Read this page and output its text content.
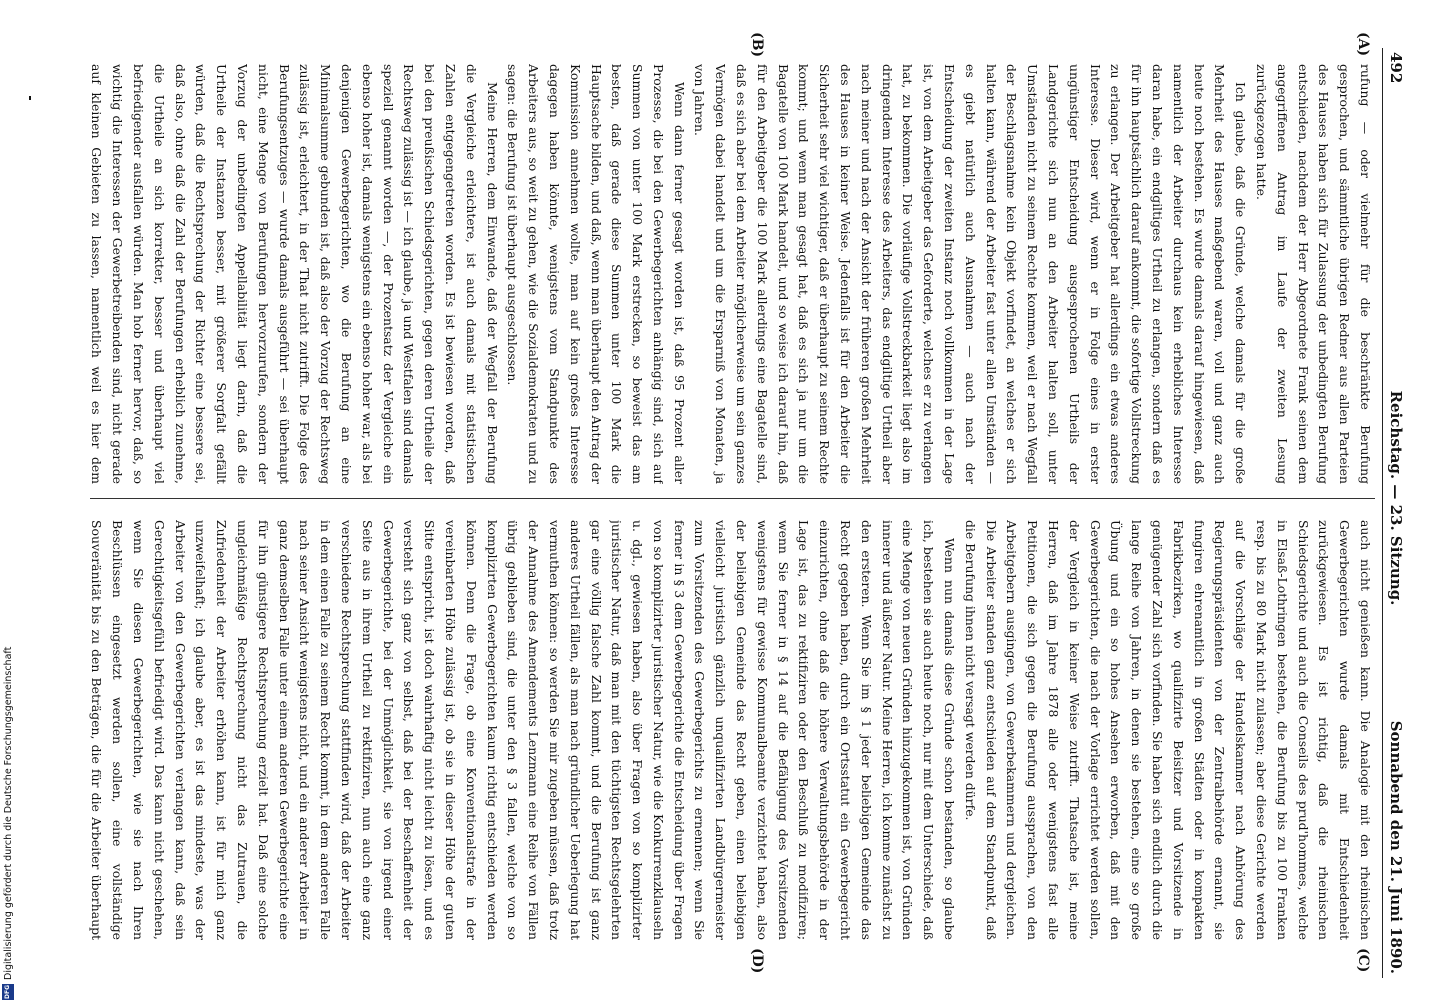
492
Reichstag. — 23. Sitzung.
Sonnabend den 21. Juni 1890.
(A)
(B)
(C)
(D)

rufung — oder vielmehr für die beschränkte Berufung gesprochen, und sämmtliche übrigen Redner aus allen Parteien des Hauses haben sich für Zulassung der unbedingten Berufung entschieden, nachdem der Herr Abgeordnete Frank seinen dem angegriffenen Antrag im Laufe der zweiten Lesung zurückgezogen hatte.

Ich glaube, daß die Gründe, welche damals für die große Mehrheit des Hauses maßgebend waren, voll und ganz auch heute noch bestehen. Es wurde damals darauf hingewiesen, daß namentlich der Arbeiter durchaus kein erhebliches Interesse daran habe, ein endgiltiges Urtheil zu erlangen, sondern daß es für ihn hauptsächlich darauf ankommt, die sofortige Vollstreckung zu erlangen. Der Arbeitgeber hat allerdings ein etwas anderes Interesse. Dieser wird, wenn er in Folge eines in erster ungünstiger Entscheidung ausgesprochenen Urtheils der Landgerichte sich nun an den Arbeiter halten soll, unter Umständen nicht zu seinem Rechte kommen, weil er nach Wegfall der Beschlagsnahme kein Objekt vorfindet, an welches er sich halten kann, während der Arbeiter fast unter allen Umständen — es giebt natürlich auch Ausnahmen — auch nach der Entscheidung der zweiten Instanz noch vollkommen in der Lage ist, von dem Arbeitgeber das Geforderte, welches er zu verlangen hat, zu bekommen. Die vorläufige Vollstreckbarkeit liegt also im dringendem Interesse des Arbeiters, das endgiltige Urtheil aber nach meiner und nach der Ansicht der früheren großen Mehrheit des Hauses in keiner Weise. Jedenfalls ist für den Arbeiter die Sicherheit sehr viel wichtiger, daß er überhaupt zu seinem Rechte kommt; und wenn man gesagt hat, daß es sich ja nur um die Bagatelle von 100 Mark handelt, und so weise ich darauf hin, daß für den Arbeitgeber die 100 Mark allerdings eine Bagatelle sind, daß es sich aber bei dem Arbeiter möglicherweise um sein ganzes Vermögen dabei handelt und um die Ersparniß von Monaten, ja von Jahren.

Wenn dann ferner gesagt worden ist, daß 95 Prozent aller Prozesse, die bei den Gewerbegerichten anhängig sind, sich auf Summen von unter 100 Mark erstrecken, so beweist das am besten, daß gerade diese Summen unter 100 Mark die Hauptsache bilden, und daß, wenn man überhaupt den Antrag der Kommission annehmen wollte, man auf kein großes Interesse dagegen haben könnte, wenigstens vom Standpunkte des Arbeiters aus, so weit zu gehen, wie die Sozialdemokraten und zu sagen: die Berufung ist überhaupt ausgeschlossen.

Meine Herren, dem Einwande, daß der Wegfall der Berufung die Vergleiche erleichtere, ist auch damals mit statistischen Zahlen entgegengetreten worden. Es ist bewiesen worden, daß bei den preußischen Schiedsgerichten, gegen deren Urtheile der Rechtsweg zulässig ist — ich glaube, ja und Westfalen sind damals speziell genannt worden —, der Prozentsatz der Vergleiche ein ebenso hoher ist, damals wenigstens ein ebenso hoher war, als bei denjenigen Gewerbegerichten, wo die Berufung an eine Minimalsumme gebunden ist, daß also der Vorzug der Rechtsweg zulässig ist, erleichtert, in der That nicht zutrifft. Die Folge des Berufungsentzuges — wurde damals ausgeführt — sei überhaupt nicht, eine Menge von Berufungen hervorzurufen, sondern der Vorzug der unbedingten Appellabilität liegt darin, daß die Urtheile der Instanzen besser, mit größerer Sorgfalt gefällt würden, daß die Rechtsprechung der Richter eine bessere sei, daß also, ohne daß die Zahl der Berufungen erheblich zunehme, die Urtheile an sich korrekter, besser und überhaupt viel befriedigender ausfallen würden. Man hob ferner hervor, daß, so wichtig die Interessen der Gewerbetreibenden sind, nicht gerade auf kleinen Gebieten zu lassen, namentlich weil es hier dem

auch nicht genießen kann. Die Analogie mit den rheinischen Gewerbegerichten wurde damals mit Entschiedenheit zurückgewiesen. Es ist richtig, daß die rheinischen Schiedsgerichte und auch die Conseils des prud'hommes, welche in Elsaß-Lothringen bestehen, die Berufung bis zu 100 Franken resp. bis zu 80 Mark nicht zulassen; aber diese Gerichte werden auf die Vorschläge der Handelskammer nach Anhörung des Regierungspräsidenten von der Zentralbehörde ernannt, sie fungiren ehrenamtlich in großen Städten oder in kompakten Fabrikbezirken, wo qualifizirte Beisitzer und Vorsitzende in genügender Zahl sich vorfinden. Sie haben sich endlich durch die lange Reihe von Jahren, in denen sie bestehen, eine so große Übung und ein so hohes Ansehen erworben, daß mit den Gewerbegerichten, die nach der Vorlage errichtet werden sollen, der Vergleich in keiner Weise zutrifft. Thatsache ist, meine Herren, daß im Jahre 1878 alle oder wenigstens fast alle Petitionen, die sich gegen die Berufung aussprachen, von den Arbeitgebern ausgingen, von Gewerbekammern und dergleichen. Die Arbeiter standen ganz entschieden auf dem Standpunkt, daß die Berufung ihnen nicht versagt werden dürfe.

Wenn nun damals diese Gründe schon bestanden, so glaube ich, bestehen sie auch heute noch, nur mit dem Unterschiede, daß eine Menge von neuen Gründen hinzugekommen ist, von Gründen innerer und äußerer Natur. Meine Herren, ich komme zunächst zu den ersteren. Wenn Sie im § 1 jeder beliebigen Gemeinde das Recht gegeben haben, durch ein Ortsstatut ein Gewerbegericht einzurichten, ohne daß die höhere Verwaltungsbehörde in der Lage ist, das zu rektifiziren oder den Beschluß zu modifiziren; wenn Sie ferner in § 14 auf die Befähigung des Vorsitzenden wenigstens für gewisse Kommunalbeamte verzichtet haben, also der beliebigen Gemeinde das Recht geben, einen beliebigen vielleicht juristisch gänzlich unqualifizirten Landbürgermeister zum Vorsitzenden des Gewerbegerichts zu ernennen; wenn Sie ferner in § 3 dem Gewerbegerichte die Entscheidung über Fragen von so komplizirter juristischer Natur, wie die Konkurrenzklauseln u. dgl., gewiesen haben, also über Fragen von so komplizirter juristischer Natur, daß man mit den tüchtigsten Rechtsgelehrten gar eine völlig falsche Zahl kommt, und die Berufung ist ganz anderes Urtheil fällen, als man nach gründlicher Ueberlegung hat vermuthen können: so werden Sie mir zugeben müssen, daß trotz der Annahme des Amendements Lenzmann eine Reihe von Fällen übrig geblieben sind, die unter den § 3 fallen, welche von so komplizirten Gewerbegerichten kaum richtig entschieden werden können. Denn die Frage, ob eine Konventionalstrafe in der vereinbarten Höhe zulässig ist, ob sie in dieser Höhe der guten Sitte entspricht, ist doch wahrhaftig nicht leicht zu lösen, und es versteht sich ganz von selbst, daß bei der Beschaffenheit der Gewerbegerichte, bei der Unmöglichkeit, sie von irgend einer Seite aus in ihrem Urtheil zu rektifiziren, nun auch eine ganz verschiedene Rechtsprechung stattfinden wird, daß der Arbeiter in dem einen Falle zu seinem Recht kommt, in dem anderen Falle nach seiner Ansicht wenigstens nicht, und ein anderer Arbeiter in ganz demselben Falle unter einem anderen Gewerbegerichte eine für ihn günstigere Rechtsprechung erzielt hat. Daß eine solche ungleichmäßige Rechtsprechung nicht das Zutrauen, die Zufriedenheit der Arbeiter erhöhen kann, ist für mich ganz unzweifelhaft; ich glaube aber, es ist das mindeste, was der Arbeiter von den Gewerbegerichten verlangen kann, daß sein Gerechtigkeitsgefühl befriedigt wird. Das kann nicht geschehen, wenn Sie diesen Gewerbegerichten, wie sie nach Ihren Beschlüssen eingesetzt werden sollen, eine vollständige Souveränität bis zu den Beträgen, die für die Arbeiter überhaupt

DFG
Digitalisierung gefördert durch die Deutsche Forschungsgemeinschaft
